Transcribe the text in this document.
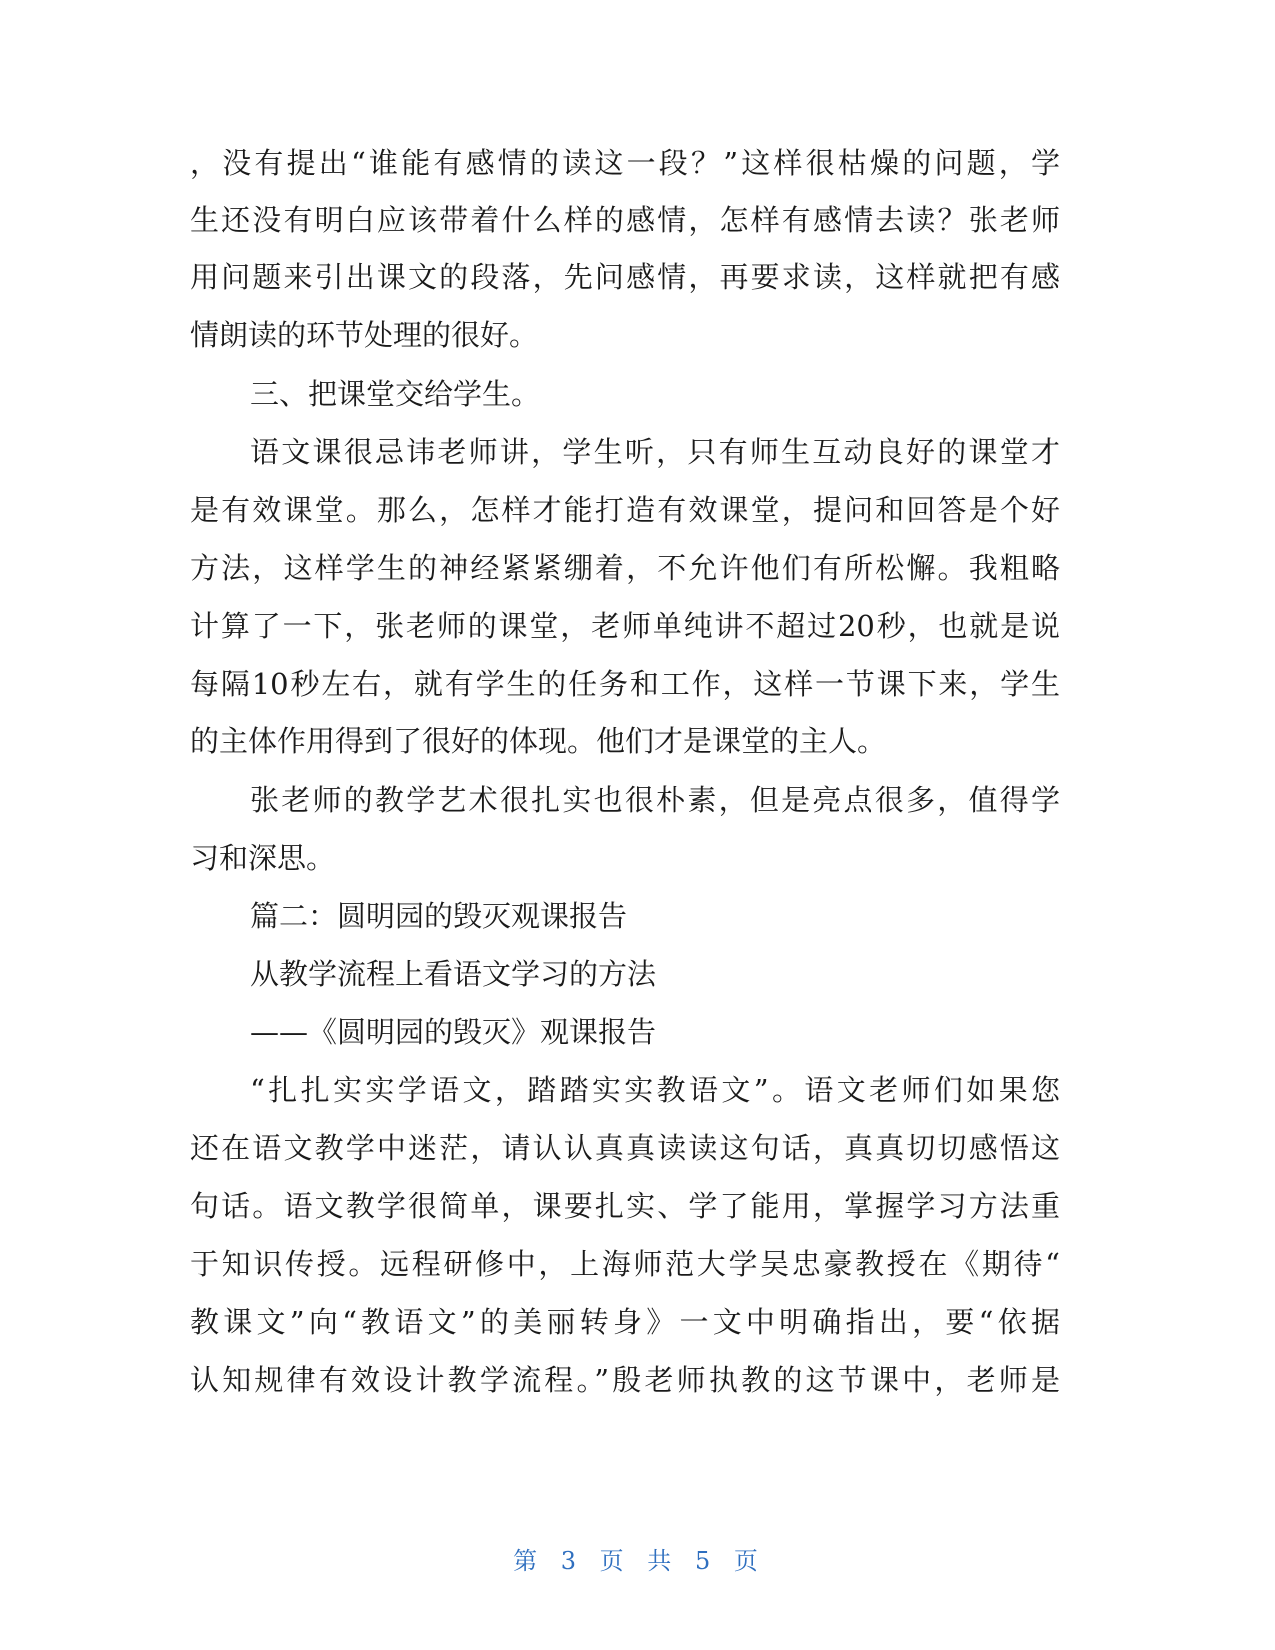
，没有提出“谁能有感情的读这一段？”这样很枯燥的问题，学
生还没有明白应该带着什么样的感情，怎样有感情去读？张老师
用问题来引出课文的段落，先问感情，再要求读，这样就把有感
情朗读的环节处理的很好。
三、把课堂交给学生。
语文课很忌讳老师讲，学生听，只有师生互动良好的课堂才
是有效课堂。那么，怎样才能打造有效课堂，提问和回答是个好
方法，这样学生的神经紧紧绷着，不允许他们有所松懈。我粗略
计算了一下，张老师的课堂，老师单纯讲不超过20秒，也就是说
每隔10秒左右，就有学生的任务和工作，这样一节课下来，学生
的主体作用得到了很好的体现。他们才是课堂的主人。
张老师的教学艺术很扎实也很朴素，但是亮点很多，值得学
习和深思。
篇二：圆明园的毁灭观课报告
从教学流程上看语文学习的方法
——《圆明园的毁灭》观课报告
“扎扎实实学语文，踏踏实实教语文”。语文老师们如果您
还在语文教学中迷茫，请认认真真读读这句话，真真切切感悟这
句话。语文教学很简单，课要扎实、学了能用，掌握学习方法重
于知识传授。远程研修中，上海师范大学吴忠豪教授在《期待“
教课文”向“教语文”的美丽转身》一文中明确指出，要“依据
认知规律有效设计教学流程。”殷老师执教的这节课中，老师是
第 3 页 共 5 页
